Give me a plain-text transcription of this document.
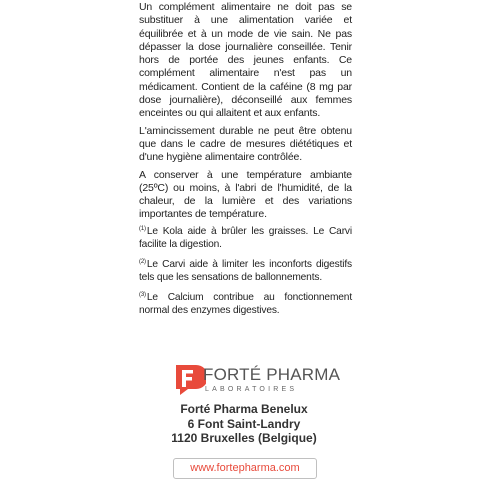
Un complément alimentaire ne doit pas se substituer à une alimentation variée et équilibrée et à un mode de vie sain. Ne pas dépasser la dose journalière conseillée. Tenir hors de portée des jeunes enfants. Ce complément alimentaire n'est pas un médicament. Contient de la caféine (8 mg par dose journalière), déconseillé aux femmes enceintes ou qui allaitent et aux enfants.

L'amincissement durable ne peut être obtenu que dans le cadre de mesures diététiques et d'une hygiène alimentaire contrôlée.

A conserver à une température ambiante (25ºC) ou moins, à l'abri de l'humidité, de la chaleur, de la lumière et des variations importantes de température.

$^{(1)}$Le Kola aide à brûler les graisses. Le Carvi facilite la digestion.

$^{(2)}$Le Carvi aide à limiter les inconforts digestifs tels que les sensations de ballonnements.

$^{(3)}$Le Calcium contribue au fonctionnement normal des enzymes digestives.

FORTÉ PHARMA
LABORATOIRES
Forté Pharma Benelux
6 Font Saint-Landry
1120 Bruxelles (Belgique)
www.fortepharma.com
